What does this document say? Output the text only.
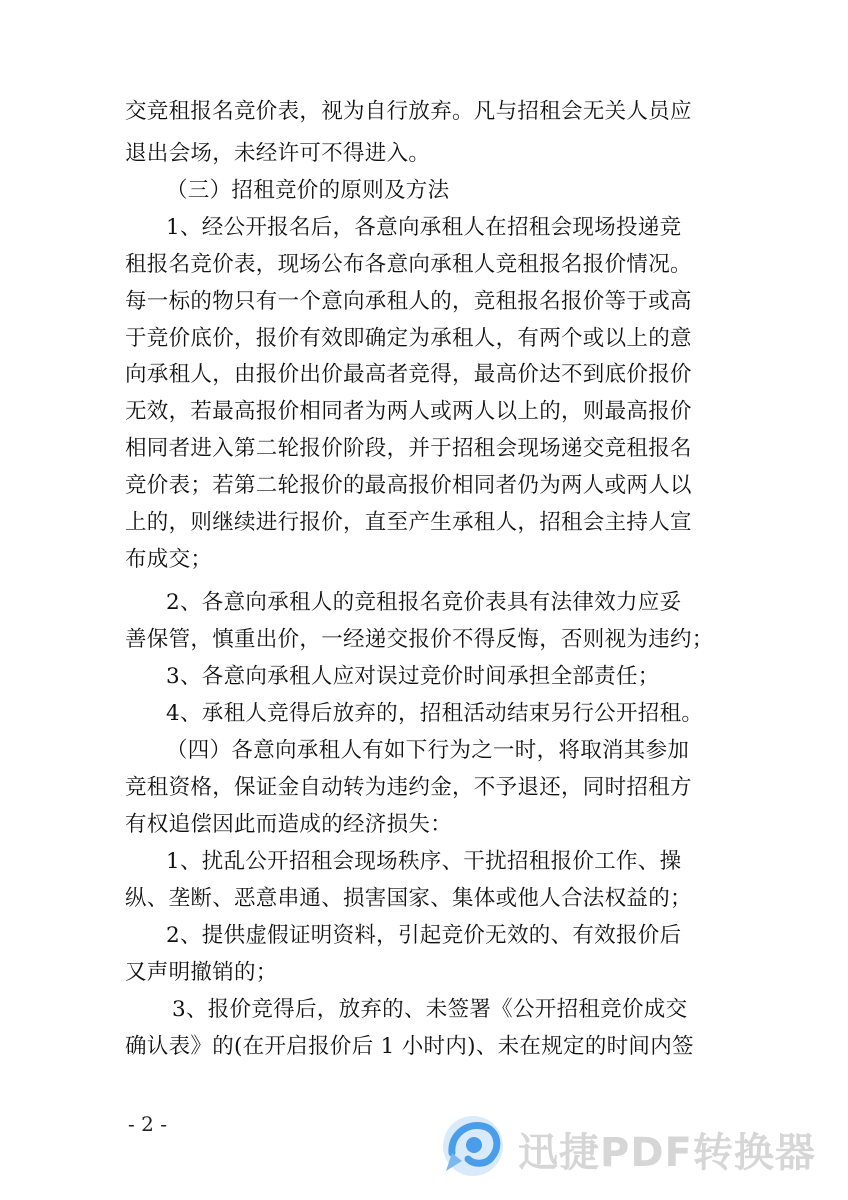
交竞租报名竞价表，视为自行放弃。凡与招租会无关人员应
退出会场，未经许可不得进入。
（三）招租竞价的原则及方法
1、经公开报名后，各意向承租人在招租会现场投递竞
租报名竞价表，现场公布各意向承租人竞租报名报价情况。
每一标的物只有一个意向承租人的，竞租报名报价等于或高
于竞价底价，报价有效即确定为承租人，有两个或以上的意
向承租人，由报价出价最高者竞得，最高价达不到底价报价
无效，若最高报价相同者为两人或两人以上的，则最高报价
相同者进入第二轮报价阶段，并于招租会现场递交竞租报名
竞价表；若第二轮报价的最高报价相同者仍为两人或两人以
上的，则继续进行报价，直至产生承租人，招租会主持人宣
布成交；
2、各意向承租人的竞租报名竞价表具有法律效力应妥
善保管，慎重出价，一经递交报价不得反悔，否则视为违约；
3、各意向承租人应对误过竞价时间承担全部责任；
4、承租人竞得后放弃的，招租活动结束另行公开招租。
（四）各意向承租人有如下行为之一时，将取消其参加
竞租资格，保证金自动转为违约金，不予退还，同时招租方
有权追偿因此而造成的经济损失：
1、扰乱公开招租会现场秩序、干扰招租报价工作、操
纵、垄断、恶意串通、损害国家、集体或他人合法权益的；
2、提供虚假证明资料，引起竞价无效的、有效报价后
又声明撤销的；
3、报价竞得后，放弃的、未签署《公开招租竞价成交
确认表》的(在开启报价后 1 小时内)、未在规定的时间内签
- 2 -
迅捷PDF转换器
